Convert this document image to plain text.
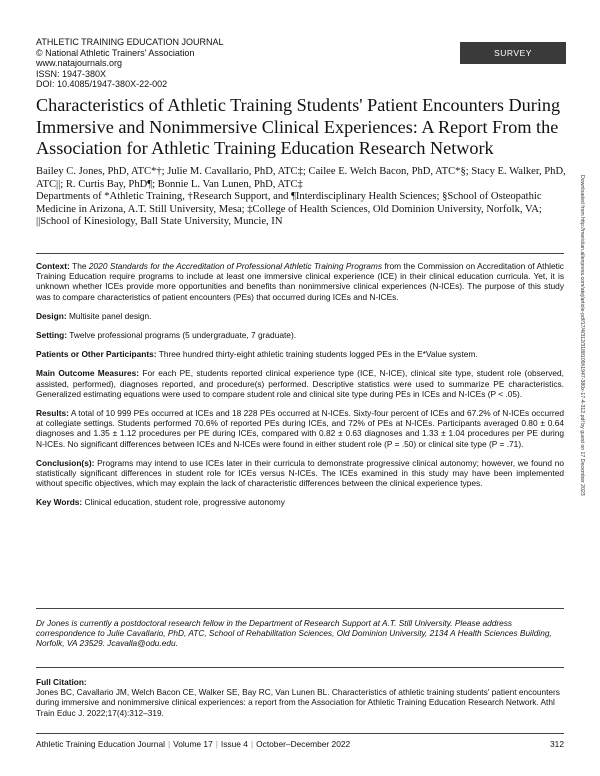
ATHLETIC TRAINING EDUCATION JOURNAL
© National Athletic Trainers' Association
www.natajournals.org
ISSN: 1947-380X
DOI: 10.4085/1947-380X-22-002
SURVEY
Characteristics of Athletic Training Students' Patient Encounters During Immersive and Nonimmersive Clinical Experiences: A Report From the Association for Athletic Training Education Research Network
Bailey C. Jones, PhD, ATC*†; Julie M. Cavallario, PhD, ATC‡; Cailee E. Welch Bacon, PhD, ATC*§; Stacy E. Walker, PhD, ATC||; R. Curtis Bay, PhD¶; Bonnie L. Van Lunen, PhD, ATC‡
Departments of *Athletic Training, †Research Support, and ¶Interdisciplinary Health Sciences; §School of Osteopathic Medicine in Arizona, A.T. Still University, Mesa; ‡College of Health Sciences, Old Dominion University, Norfolk, VA; ||School of Kinesiology, Ball State University, Muncie, IN

Context: The 2020 Standards for the Accreditation of Professional Athletic Training Programs from the Commission on Accreditation of Athletic Training Education require programs to include at least one immersive clinical experience (ICE) in their clinical education curricula. Yet, it is unknown whether ICEs provide more opportunities and benefits than nonimmersive clinical experiences (N-ICEs). The purpose of this study was to compare characteristics of patient encounters (PEs) that occurred during ICEs and N-ICEs.

Design: Multisite panel design.

Setting: Twelve professional programs (5 undergraduate, 7 graduate).

Patients or Other Participants: Three hundred thirty-eight athletic training students logged PEs in the E*Value system.

Main Outcome Measures: For each PE, students reported clinical experience type (ICE, N-ICE), clinical site type, student role (observed, assisted, performed), diagnoses reported, and procedure(s) performed. Descriptive statistics were used to summarize PE characteristics. Generalized estimating equations were used to compare student role and clinical site type during PEs in ICEs and N-ICEs (P < .05).

Results: A total of 10 999 PEs occurred at ICEs and 18 228 PEs occurred at N-ICEs. Sixty-four percent of ICEs and 67.2% of N-ICEs occurred at collegiate settings. Students performed 70.6% of reported PEs during ICEs, and 72% of PEs at N-ICEs. Participants averaged 0.80 ± 0.64 diagnoses and 1.35 ± 1.12 procedures per PE during ICEs, compared with 0.82 ± 0.63 diagnoses and 1.33 ± 1.04 procedures per PE during N-ICEs. No significant differences between ICEs and N-ICEs were found in either student role (P = .50) or clinical site type (P = .71).

Conclusion(s): Programs may intend to use ICEs later in their curricula to demonstrate progressive clinical autonomy; however, we found no statistically significant differences in student role for ICEs versus N-ICEs. The ICEs examined in this study may have been implemented without specific objectives, which may explain the lack of characteristic differences between the clinical experience types.

Key Words: Clinical education, student role, progressive autonomy

Dr Jones is currently a postdoctoral research fellow in the Department of Research Support at A.T. Still University. Please address correspondence to Julie Cavallario, PhD, ATC, School of Rehabilitation Sciences, Old Dominion University, 2134 A Health Sciences Building, Norfolk, VA 23529. Jcavalla@odu.edu.
Full Citation:
Jones BC, Cavallario JM, Welch Bacon CE, Walker SE, Bay RC, Van Lunen BL. Characteristics of athletic training students' patient encounters during immersive and nonimmersive clinical experiences: a report from the Association for Athletic Training Education Research Network. Athl Train Educ J. 2022;17(4):312–319.
Athletic Training Education Journal | Volume 17 | Issue 4 | October–December 2022	312
Downloaded from http://meridian.allenpress.com/atej/article-pdf/17/4/312/3188109/i1947-380x-17-4-312.pdf by guest on 17 December 2023
